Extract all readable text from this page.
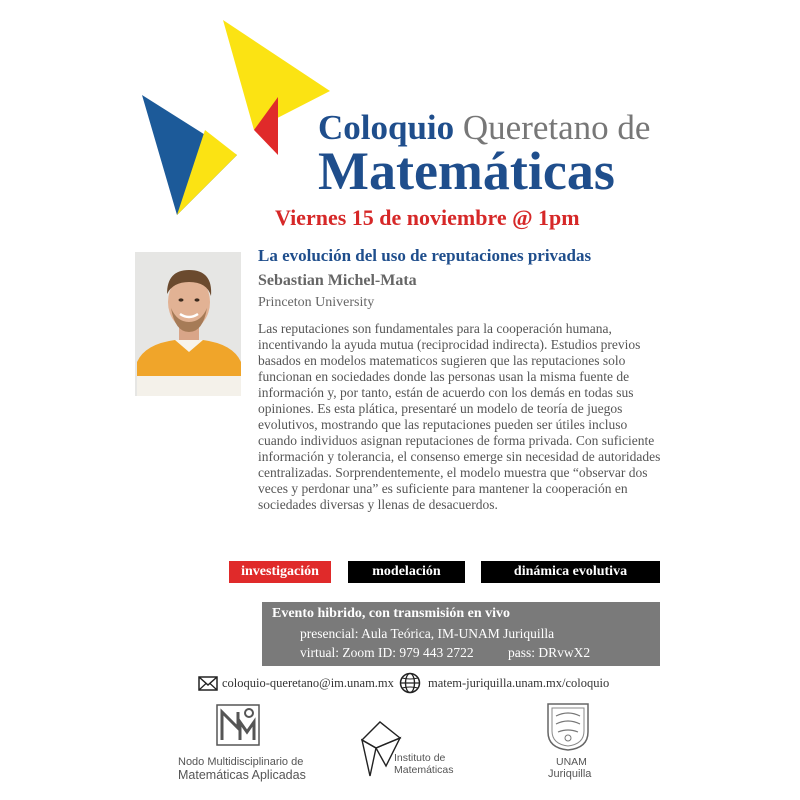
Coloquio Queretano de
Matemáticas
Viernes 15 de noviembre @ 1pm
La evolución del uso de reputaciones privadas
Sebastian Michel-Mata
Princeton University
Las reputaciones son fundamentales para la cooperación humana,
incentivando la ayuda mutua (reciprocidad indirecta). Estudios previos
basados en modelos matematicos sugieren que las reputaciones solo
funcionan en sociedades donde las personas usan la misma fuente de
información y, por tanto, están de acuerdo con los demás en todas sus
opiniones. Es esta plática, presentaré un modelo de teoría de juegos
evolutivos, mostrando que las reputaciones pueden ser útiles incluso
cuando individuos asignan reputaciones de forma privada. Con suficiente
información y tolerancia, el consenso emerge sin necesidad de autoridades
centralizadas. Sorprendentemente, el modelo muestra que “observar dos
veces y perdonar una” es suficiente para mantener la cooperación en
sociedades diversas y llenas de desacuerdos.
investigación	modelación	dinámica evolutiva
Evento hibrido, con transmisión en vivo
presencial: Aula Teórica, IM-UNAM Juriquilla
virtual: Zoom ID: 979 443 2722	pass: DRvwX2
coloquio-queretano@im.unam.mx	matem-juriquilla.unam.mx/coloquio
Nodo Multidisciplinario de
Matemáticas Aplicadas
Instituto de
Matemáticas
UNAM
Juriquilla
